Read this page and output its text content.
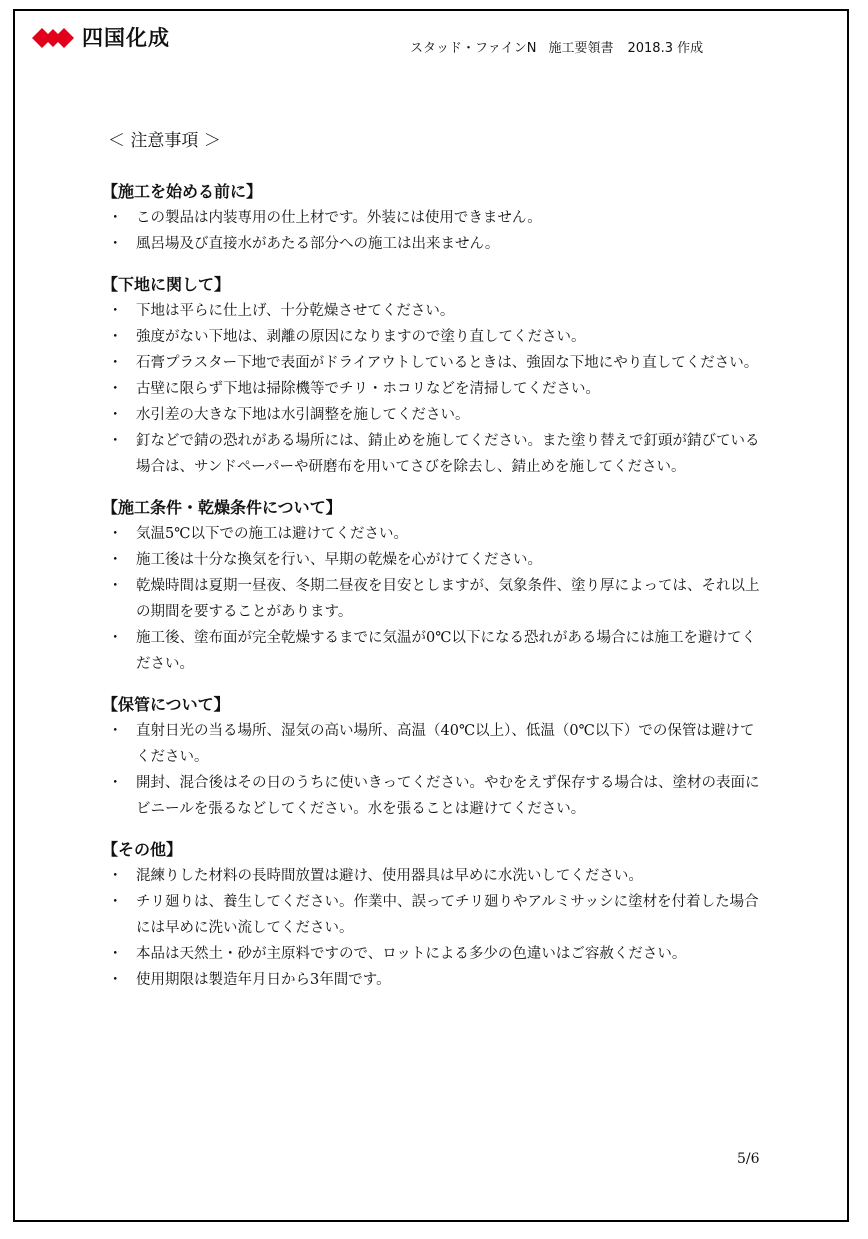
四国化成	スタッド・ファインN 施工要領書 2018.3 作成
＜ 注意事項 ＞
【施工を始める前に】
・ この製品は内装専用の仕上材です。外装には使用できません。
・ 風呂場及び直接水があたる部分への施工は出来ません。
【下地に関して】
・ 下地は平らに仕上げ、十分乾燥させてください。
・ 強度がない下地は、剥離の原因になりますので塗り直してください。
・ 石膏プラスター下地で表面がドライアウトしているときは、強固な下地にやり直してください。
・ 古壁に限らず下地は掃除機等でチリ・ホコリなどを清掃してください。
・ 水引差の大きな下地は水引調整を施してください。
・ 釘などで錆の恐れがある場所には、錆止めを施してください。また塗り替えで釘頭が錆びている場合は、サンドペーパーや研磨布を用いてさびを除去し、錆止めを施してください。
【施工条件・乾燥条件について】
・ 気温5℃以下での施工は避けてください。
・ 施工後は十分な換気を行い、早期の乾燥を心がけてください。
・ 乾燥時間は夏期一昼夜、冬期二昼夜を目安としますが、気象条件、塗り厚によっては、それ以上の期間を要することがあります。
・ 施工後、塗布面が完全乾燥するまでに気温が0℃以下になる恐れがある場合には施工を避けてください。
【保管について】
・ 直射日光の当る場所、湿気の高い場所、高温（40℃以上）、低温（0℃以下）での保管は避けてください。
・ 開封、混合後はその日のうちに使いきってください。やむをえず保存する場合は、塗材の表面にビニールを張るなどしてください。水を張ることは避けてください。
【その他】
・ 混練りした材料の長時間放置は避け、使用器具は早めに水洗いしてください。
・ チリ廻りは、養生してください。作業中、誤ってチリ廻りやアルミサッシに塗材を付着した場合には早めに洗い流してください。
・ 本品は天然土・砂が主原料ですので、ロットによる多少の色違いはご容赦ください。
・ 使用期限は製造年月日から3年間です。
5/6
